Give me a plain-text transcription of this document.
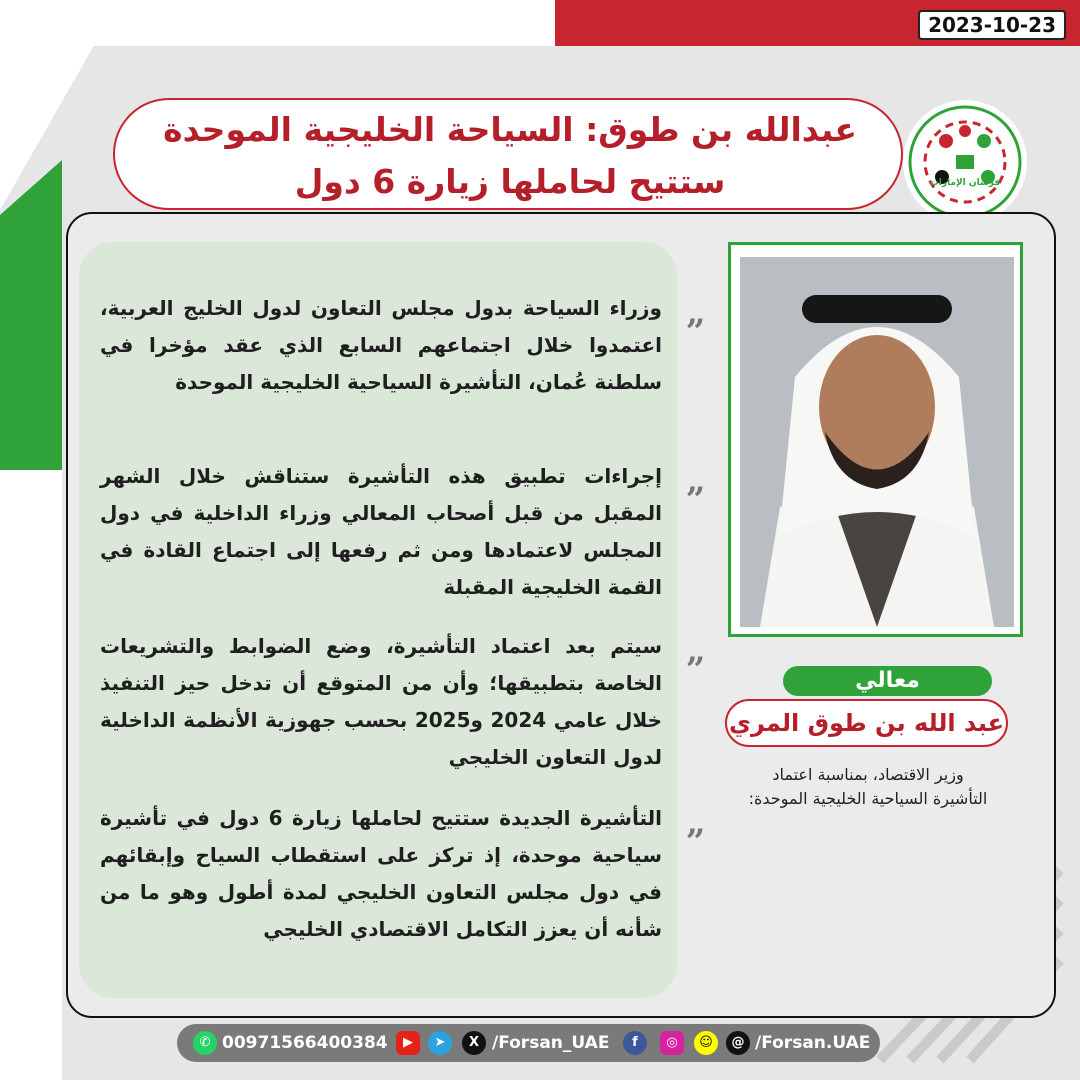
2023-10-23
فرسان الإمارات
عبدالله بن طوق: السياحة الخليجية الموحدة
ستتيح لحاملها زيارة 6 دول
„
وزراء السياحة بدول مجلس التعاون لدول الخليج العربية، اعتمدوا خلال اجتماعهم السابع الذي عقد مؤخرا في سلطنة عُمان، التأشيرة السياحية الخليجية الموحدة
„
إجراءات تطبيق هذه التأشيرة ستناقش خلال الشهر المقبل من قبل أصحاب المعالي وزراء الداخلية في دول المجلس لاعتمادها ومن ثم رفعها إلى اجتماع القادة في القمة الخليجية المقبلة
„
سيتم بعد اعتماد التأشيرة، وضع الضوابط والتشريعات الخاصة بتطبيقها؛ وأن من المتوقع أن تدخل حيز التنفيذ خلال عامي 2024 و2025 بحسب جهوزية الأنظمة الداخلية لدول التعاون الخليجي
„
التأشيرة الجديدة ستتيح لحاملها زيارة 6 دول في تأشيرة سياحية موحدة، إذ تركز على استقطاب السياح وإبقائهم في دول مجلس التعاون الخليجي لمدة أطول وهو ما من شأنه أن يعزز التكامل الاقتصادي الخليجي
معالي
عبد الله بن طوق المري
وزير الاقتصاد، بمناسبة اعتماد التأشيرة السياحية الخليجية الموحدة:
✆ 00971566400384	▶	➤	X /Forsan_UAE	f	◎	☺	@ /Forsan.UAE
